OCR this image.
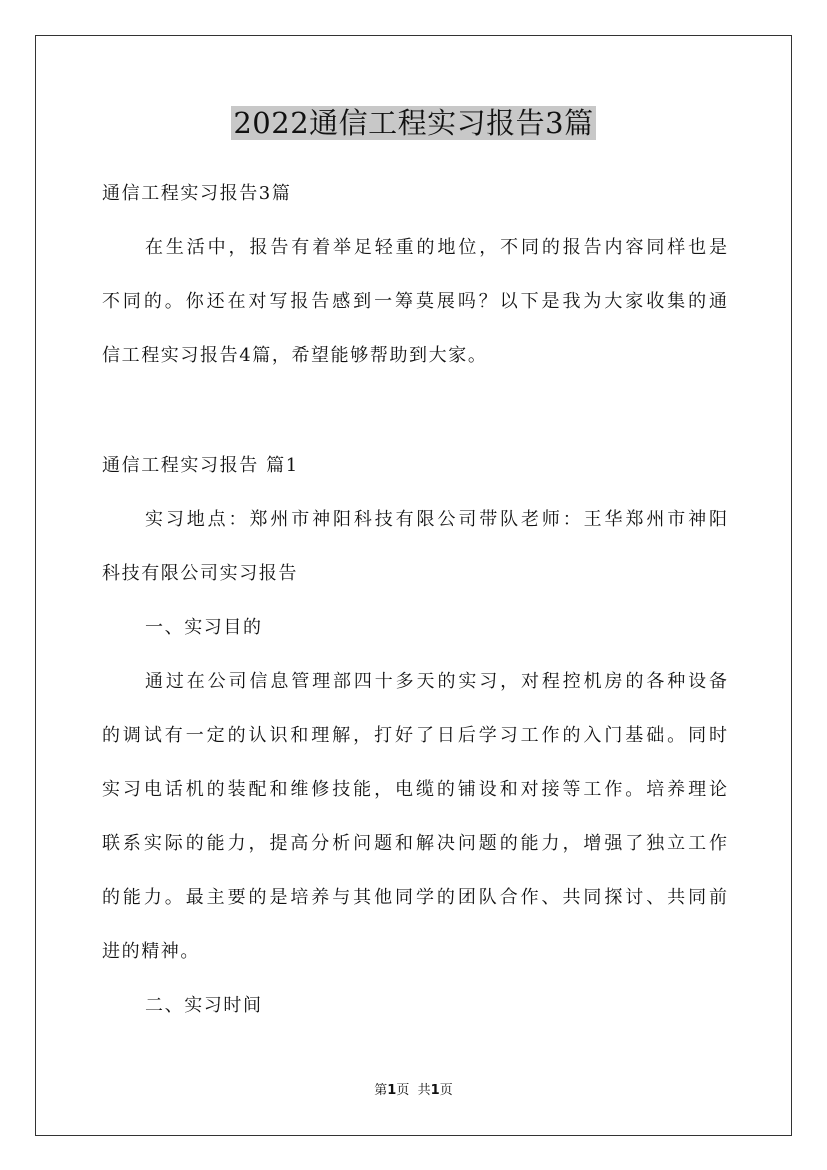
2022通信工程实习报告3篇
通信工程实习报告3篇
在生活中，报告有着举足轻重的地位，不同的报告内容同样也是
不同的。你还在对写报告感到一筹莫展吗？以下是我为大家收集的通
信工程实习报告4篇，希望能够帮助到大家。
通信工程实习报告 篇1
实习地点：郑州市神阳科技有限公司带队老师：王华郑州市神阳
科技有限公司实习报告
一、实习目的
通过在公司信息管理部四十多天的实习，对程控机房的各种设备
的调试有一定的认识和理解，打好了日后学习工作的入门基础。同时
实习电话机的装配和维修技能，电缆的铺设和对接等工作。培养理论
联系实际的能力，提高分析问题和解决问题的能力，增强了独立工作
的能力。最主要的是培养与其他同学的团队合作、共同探讨、共同前
进的精神。
二、实习时间
第1页 共1页
